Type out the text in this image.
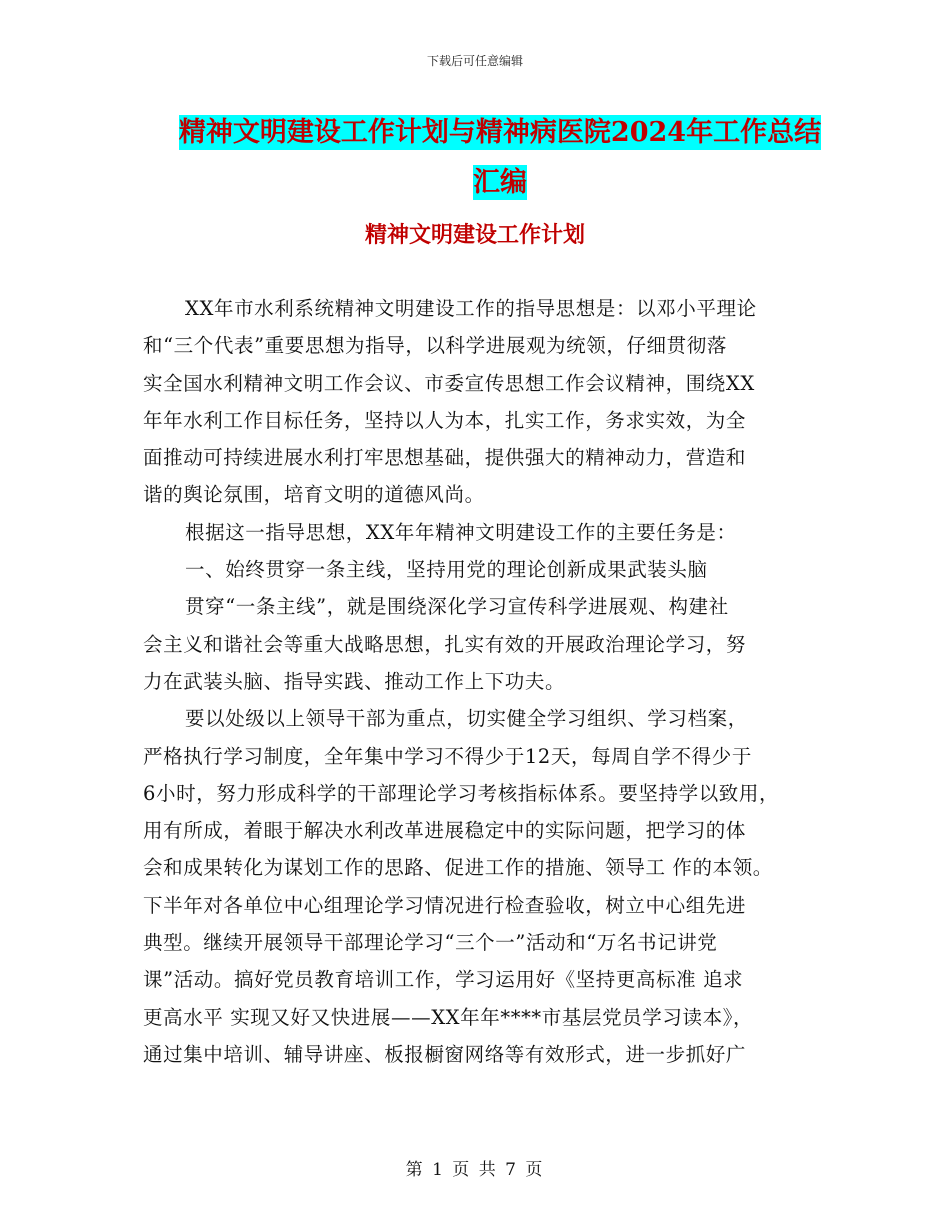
下载后可任意编辑
精神文明建设工作计划与精神病医院2024年工作总结
汇编
精神文明建设工作计划
XX年市水利系统精神文明建设工作的指导思想是：以邓小平理论
和“三个代表”重要思想为指导，以科学进展观为统领，仔细贯彻落
实全国水利精神文明工作会议、市委宣传思想工作会议精神，围绕XX
年年水利工作目标任务，坚持以人为本，扎实工作，务求实效，为全
面推动可持续进展水利打牢思想基础，提供强大的精神动力，营造和
谐的舆论氛围，培育文明的道德风尚。
根据这一指导思想，XX年年精神文明建设工作的主要任务是：
一、始终贯穿一条主线，坚持用党的理论创新成果武装头脑
贯穿“一条主线”，就是围绕深化学习宣传科学进展观、构建社
会主义和谐社会等重大战略思想，扎实有效的开展政治理论学习，努
力在武装头脑、指导实践、推动工作上下功夫。
要以处级以上领导干部为重点，切实健全学习组织、学习档案，
严格执行学习制度，全年集中学习不得少于12天，每周自学不得少于
6小时，努力形成科学的干部理论学习考核指标体系。要坚持学以致用，
用有所成，着眼于解决水利改革进展稳定中的实际问题，把学习的体
会和成果转化为谋划工作的思路、促进工作的措施、领导工 作的本领。
下半年对各单位中心组理论学习情况进行检查验收，树立中心组先进
典型。继续开展领导干部理论学习“三个一”活动和“万名书记讲党
课”活动。搞好党员教育培训工作，学习运用好《坚持更高标准 追求
更高水平 实现又好又快进展——XX年年****市基层党员学习读本》，
通过集中培训、辅导讲座、板报橱窗网络等有效形式，进一步抓好广
第 1 页 共 7 页
